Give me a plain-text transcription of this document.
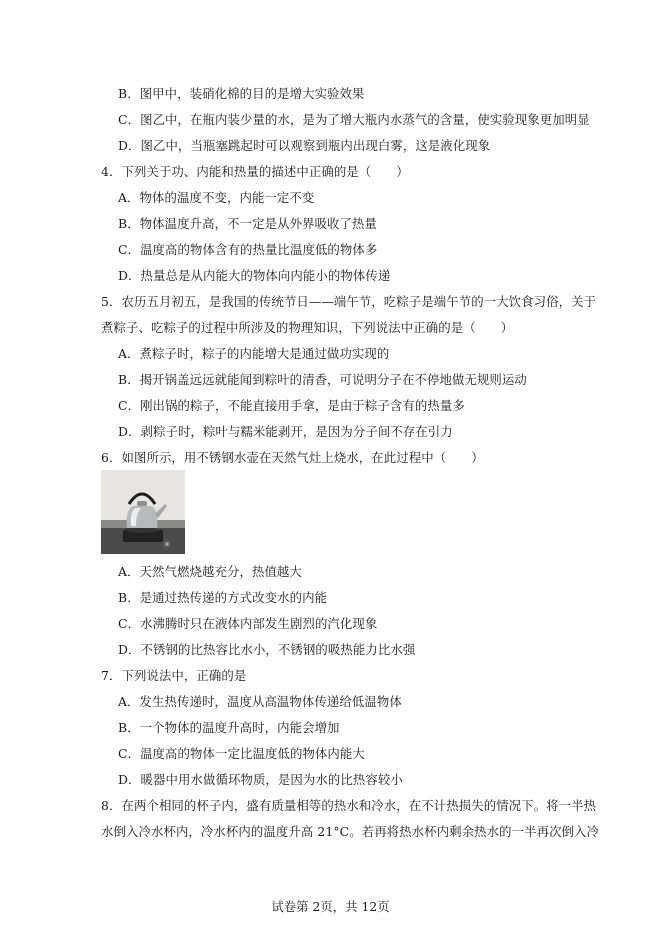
B．图甲中，装硝化棉的目的是增大实验效果
C．图乙中，在瓶内装少量的水，是为了增大瓶内水蒸气的含量，使实验现象更加明显
D．图乙中，当瓶塞跳起时可以观察到瓶内出现白雾，这是液化现象
4．下列关于功、内能和热量的描述中正确的是（　　）
A．物体的温度不变，内能一定不变
B．物体温度升高，不一定是从外界吸收了热量
C．温度高的物体含有的热量比温度低的物体多
D．热量总是从内能大的物体向内能小的物体传递
5．农历五月初五，是我国的传统节日——端午节，吃粽子是端午节的一大饮食习俗，关于
煮粽子、吃粽子的过程中所涉及的物理知识，下列说法中正确的是（　　）
A．煮粽子时，粽子的内能增大是通过做功实现的
B．揭开锅盖远远就能闻到粽叶的清香，可说明分子在不停地做无规则运动
C．刚出锅的粽子，不能直接用手拿，是由于粽子含有的热量多
D．剥粽子时，粽叶与糯米能剥开，是因为分子间不存在引力
6．如图所示，用不锈钢水壶在天然气灶上烧水，在此过程中（　　）
A．天然气燃烧越充分，热值越大
B．是通过热传递的方式改变水的内能
C．水沸腾时只在液体内部发生剧烈的汽化现象
D．不锈钢的比热容比水小，不锈钢的吸热能力比水强
7．下列说法中，正确的是
A．发生热传递时，温度从高温物体传递给低温物体
B．一个物体的温度升高时，内能会增加
C．温度高的物体一定比温度低的物体内能大
D．暖器中用水做循环物质，是因为水的比热容较小
8．在两个相同的杯子内，盛有质量相等的热水和冷水，在不计热损失的情况下。将一半热
水倒入冷水杯内，冷水杯内的温度升高 21°C。若再将热水杯内剩余热水的一半再次倒入冷
试卷第 2页，共 12页
